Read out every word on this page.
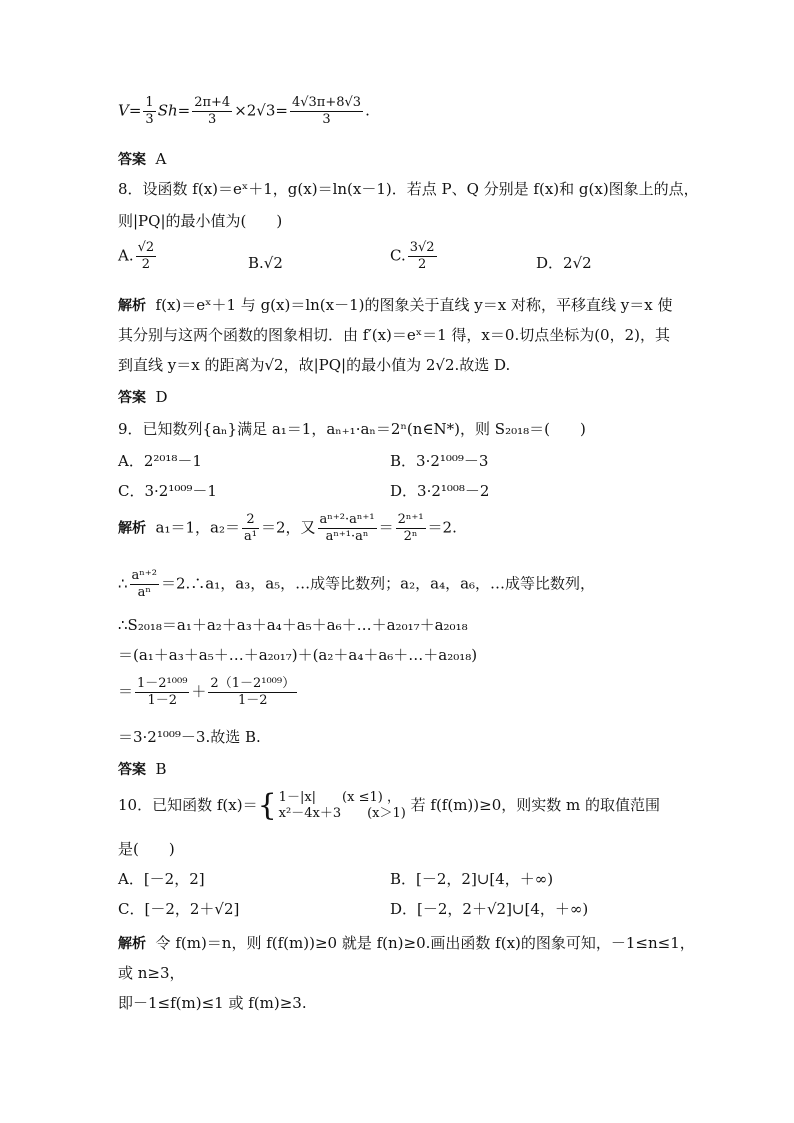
$V= \frac{1}{3} Sh= \frac{2\pi+4}{3} \times 2√3= \frac{4√3\pi+8√3}{3}$ .
答案 A
8．设函数 f(x)＝eˣ＋1，g(x)＝ln(x－1)．若点 P、Q 分别是 f(x)和 g(x)图象上的点，
则|PQ|的最小值为(　　)
A. $\frac{√2}{2}$	B.√2	C. $\frac{3√2}{2}$	D．2√2
解析 f(x)＝eˣ＋1 与 g(x)＝ln(x－1)的图象关于直线 y＝x 对称，平移直线 y＝x 使
其分别与这两个函数的图象相切．由 f′(x)＝eˣ＝1 得，x＝0.切点坐标为(0，2)，其
到直线 y＝x 的距离为√2，故|PQ|的最小值为 2√2.故选 D.
答案 D
9．已知数列{aₙ}满足 a₁＝1，aₙ₊₁·aₙ＝2ⁿ(n∈N*)，则 S₂₀₁₈＝(　　)
A．2²⁰¹⁸－1	B．3·2¹⁰⁰⁹－3
C．3·2¹⁰⁰⁹－1	D．3·2¹⁰⁰⁸－2
解析 a₁＝1，$a_2= \frac{2}{\text{a¹}} =2$，又 $\frac{\text{aⁿ⁺²·aⁿ⁺¹}}{\text{aⁿ⁺¹·aⁿ}} = \frac{\text{2ⁿ⁺¹}}{\text{2ⁿ}} =2$.
∴ $\frac{\text{aⁿ⁺²}}{\text{aⁿ}}$ ＝2.∴a₁，a₃，a₅，…成等比数列；a₂，a₄，a₆，…成等比数列，
∴S₂₀₁₈＝a₁＋a₂＋a₃＋a₄＋a₅＋a₆＋…＋a₂₀₁₇＋a₂₀₁₈
＝(a₁＋a₃＋a₅＋…＋a₂₀₁₇)＋(a₂＋a₄＋a₆＋…＋a₂₀₁₈)
＝ $\frac{\text{1－2¹⁰⁰⁹}}{1-2} + \frac{\text{2（1－2¹⁰⁰⁹）}}{1-2}$
＝3·2¹⁰⁰⁹－3.故选 B.
答案 B
10．已知函数 f(x)＝{ 1－|x|　　(x ≤1) ，
x²－4x＋3　　(x＞1) 若 f(f(m))≥0，则实数 m 的取值范围
是(　　)
A．[－2，2]	B．[－2，2]∪[4，＋∞)
C．[－2，2＋√2]	D．[－2，2＋√2]∪[4，＋∞)
解析 令 f(m)＝n，则 f(f(m))≥0 就是 f(n)≥0.画出函数 f(x)的图象可知，－1≤n≤1，
或 n≥3，
即－1≤f(m)≤1 或 f(m)≥3.
